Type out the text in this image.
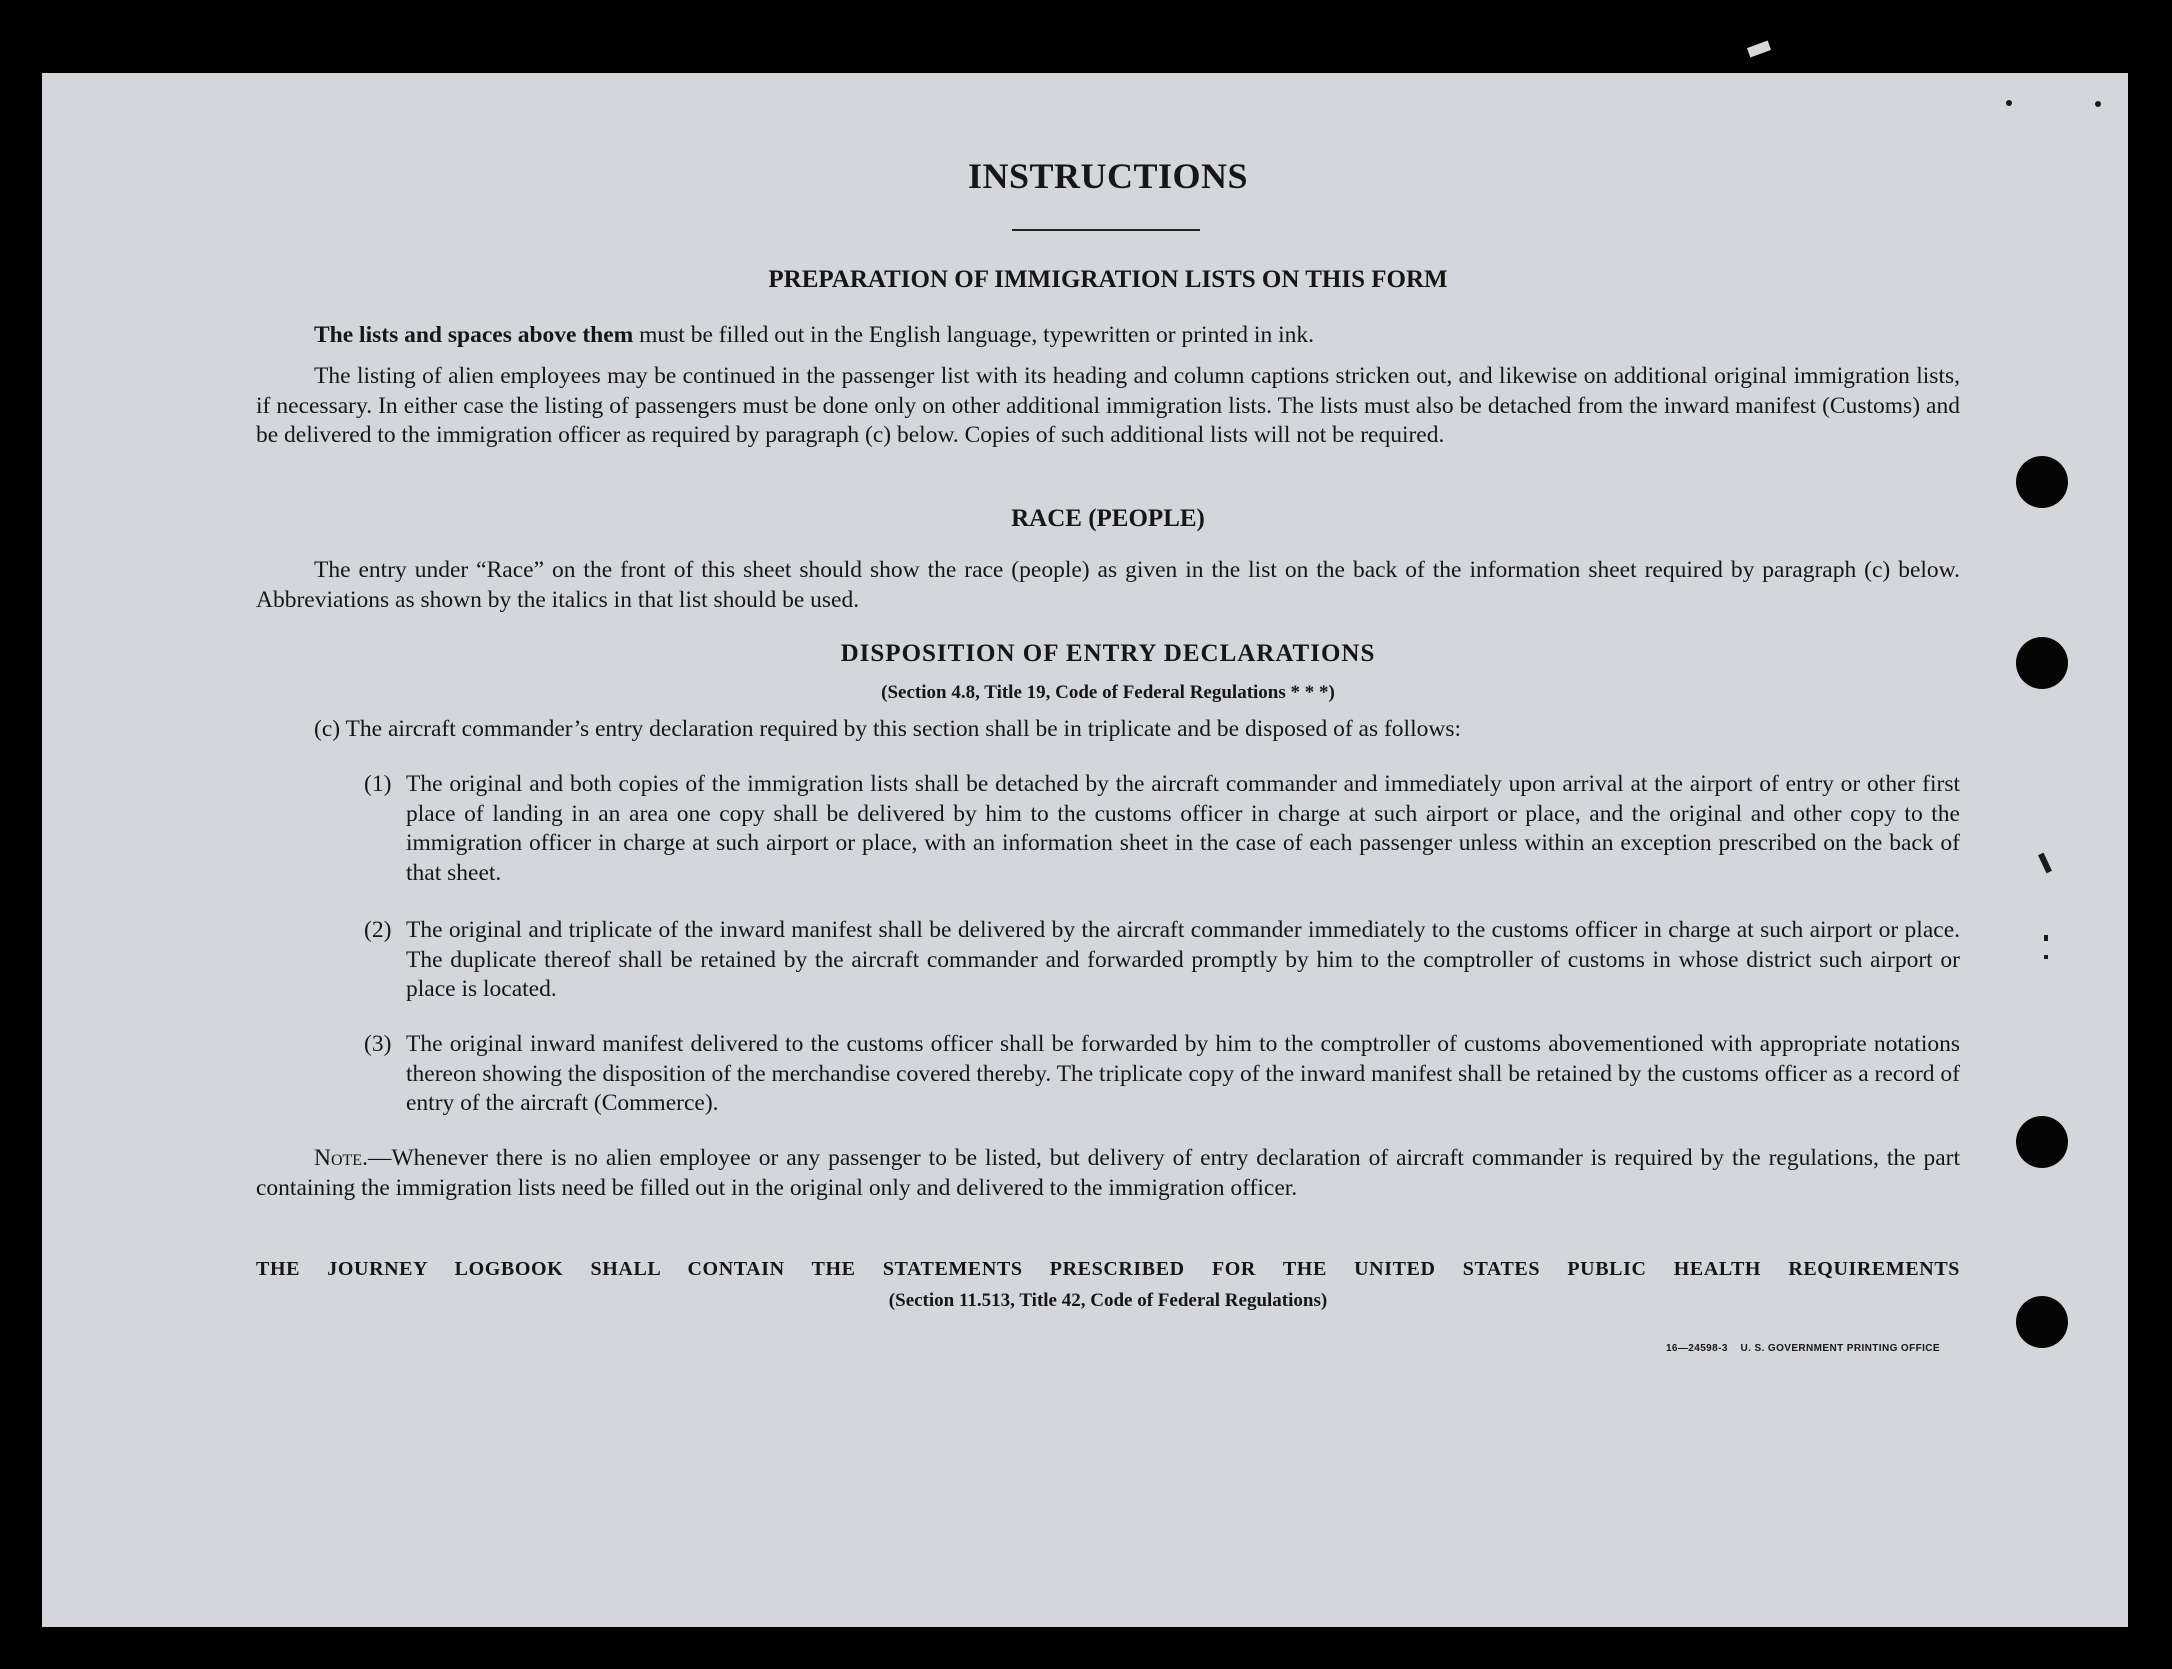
INSTRUCTIONS
PREPARATION OF IMMIGRATION LISTS ON THIS FORM
The lists and spaces above them must be filled out in the English language, typewritten or printed in ink.
The listing of alien employees may be continued in the passenger list with its heading and column captions stricken out, and likewise on additional original immigration lists, if necessary. In either case the listing of passengers must be done only on other additional immigration lists. The lists must also be detached from the inward manifest (Customs) and be delivered to the immigration officer as required by paragraph (c) below. Copies of such additional lists will not be required.
RACE (PEOPLE)
The entry under “Race” on the front of this sheet should show the race (people) as given in the list on the back of the information sheet required by paragraph (c) below. Abbreviations as shown by the italics in that list should be used.
DISPOSITION OF ENTRY DECLARATIONS
(Section 4.8, Title 19, Code of Federal Regulations * * *)
(c) The aircraft commander’s entry declaration required by this section shall be in triplicate and be disposed of as follows:
(1) The original and both copies of the immigration lists shall be detached by the aircraft commander and immediately upon arrival at the airport of entry or other first place of landing in an area one copy shall be delivered by him to the customs officer in charge at such airport or place, and the original and other copy to the immigration officer in charge at such airport or place, with an information sheet in the case of each passenger unless within an exception prescribed on the back of that sheet.
(2) The original and triplicate of the inward manifest shall be delivered by the aircraft commander immediately to the customs officer in charge at such airport or place. The duplicate thereof shall be retained by the aircraft commander and forwarded promptly by him to the comptroller of customs in whose district such airport or place is located.
(3) The original inward manifest delivered to the customs officer shall be forwarded by him to the comptroller of customs abovementioned with appropriate notations thereon showing the disposition of the merchandise covered thereby. The triplicate copy of the inward manifest shall be retained by the customs officer as a record of entry of the aircraft (Commerce).
Note.—Whenever there is no alien employee or any passenger to be listed, but delivery of entry declaration of aircraft commander is required by the regulations, the part containing the immigration lists need be filled out in the original only and delivered to the immigration officer.
THE JOURNEY LOGBOOK SHALL CONTAIN THE STATEMENTS PRESCRIBED FOR THE UNITED STATES PUBLIC HEALTH REQUIREMENTS
(Section 11.513, Title 42, Code of Federal Regulations)
16—24598-3 U. S. GOVERNMENT PRINTING OFFICE
